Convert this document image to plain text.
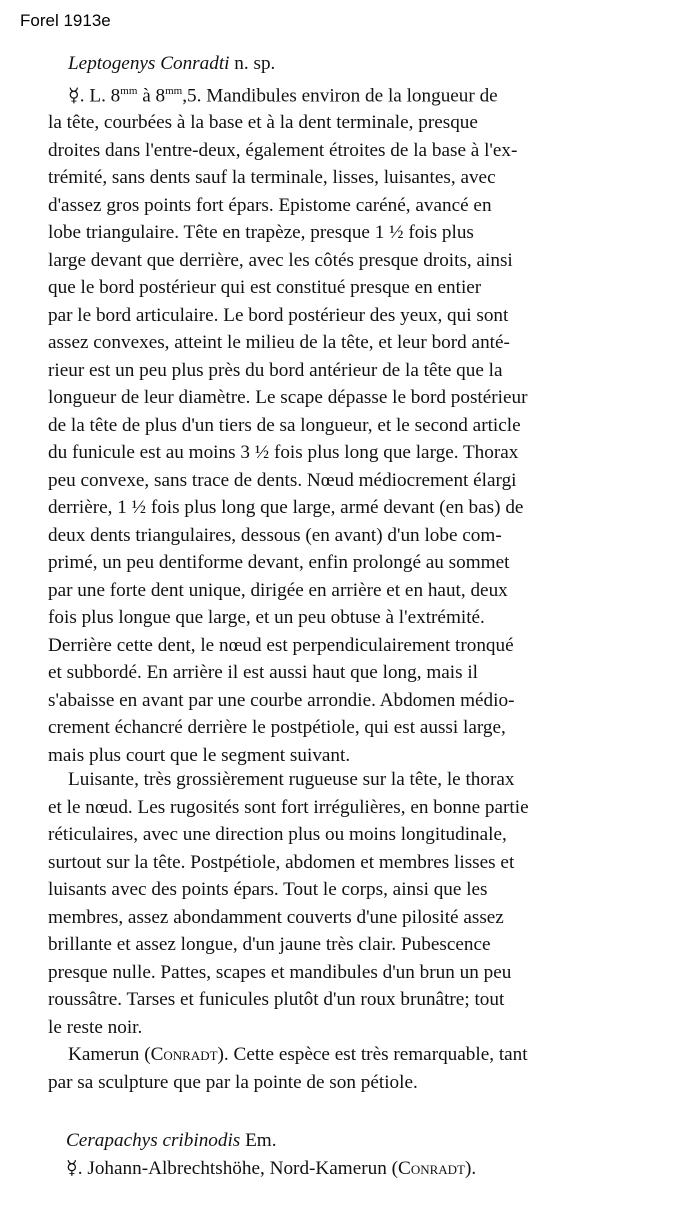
Forel 1913e
Leptogenys Conradti n. sp.
☿. L. $8^{mm}$ à $8^{mm},5$. Mandibules environ de la longueur de
la tête, courbées à la base et à la dent terminale, presque
droites dans l'entre-deux, également étroites de la base à l'ex-
trémité, sans dents sauf la terminale, lisses, luisantes, avec
d'assez gros points fort épars. Epistome caréné, avancé en
lobe triangulaire. Tête en trapèze, presque 1 ½ fois plus
large devant que derrière, avec les côtés presque droits, ainsi
que le bord postérieur qui est constitué presque en entier
par le bord articulaire. Le bord postérieur des yeux, qui sont
assez convexes, atteint le milieu de la tête, et leur bord anté-
rieur est un peu plus près du bord antérieur de la tête que la
longueur de leur diamètre. Le scape dépasse le bord postérieur
de la tête de plus d'un tiers de sa longueur, et le second article
du funicule est au moins 3 ½ fois plus long que large. Thorax
peu convexe, sans trace de dents. Nœud médiocrement élargi
derrière, 1 ½ fois plus long que large, armé devant (en bas) de
deux dents triangulaires, dessous (en avant) d'un lobe com-
primé, un peu dentiforme devant, enfin prolongé au sommet
par une forte dent unique, dirigée en arrière et en haut, deux
fois plus longue que large, et un peu obtuse à l'extrémité.
Derrière cette dent, le nœud est perpendiculairement tronqué
et subbordé. En arrière il est aussi haut que long, mais il
s'abaisse en avant par une courbe arrondie. Abdomen médio-
crement échancré derrière le postpétiole, qui est aussi large,
mais plus court que le segment suivant.
Luisante, très grossièrement rugueuse sur la tête, le thorax
et le nœud. Les rugosités sont fort irrégulières, en bonne partie
réticulaires, avec une direction plus ou moins longitudinale,
surtout sur la tête. Postpétiole, abdomen et membres lisses et
luisants avec des points épars. Tout le corps, ainsi que les
membres, assez abondamment couverts d'une pilosité assez
brillante et assez longue, d'un jaune très clair. Pubescence
presque nulle. Pattes, scapes et mandibules d'un brun un peu
roussâtre. Tarses et funicules plutôt d'un roux brunâtre; tout
le reste noir.
Kamerun (Conradt). Cette espèce est très remarquable, tant
par sa sculpture que par la pointe de son pétiole.
Cerapachys cribinodis Em.
☿. Johann-Albrechtshöhe, Nord-Kamerun (Conradt).
